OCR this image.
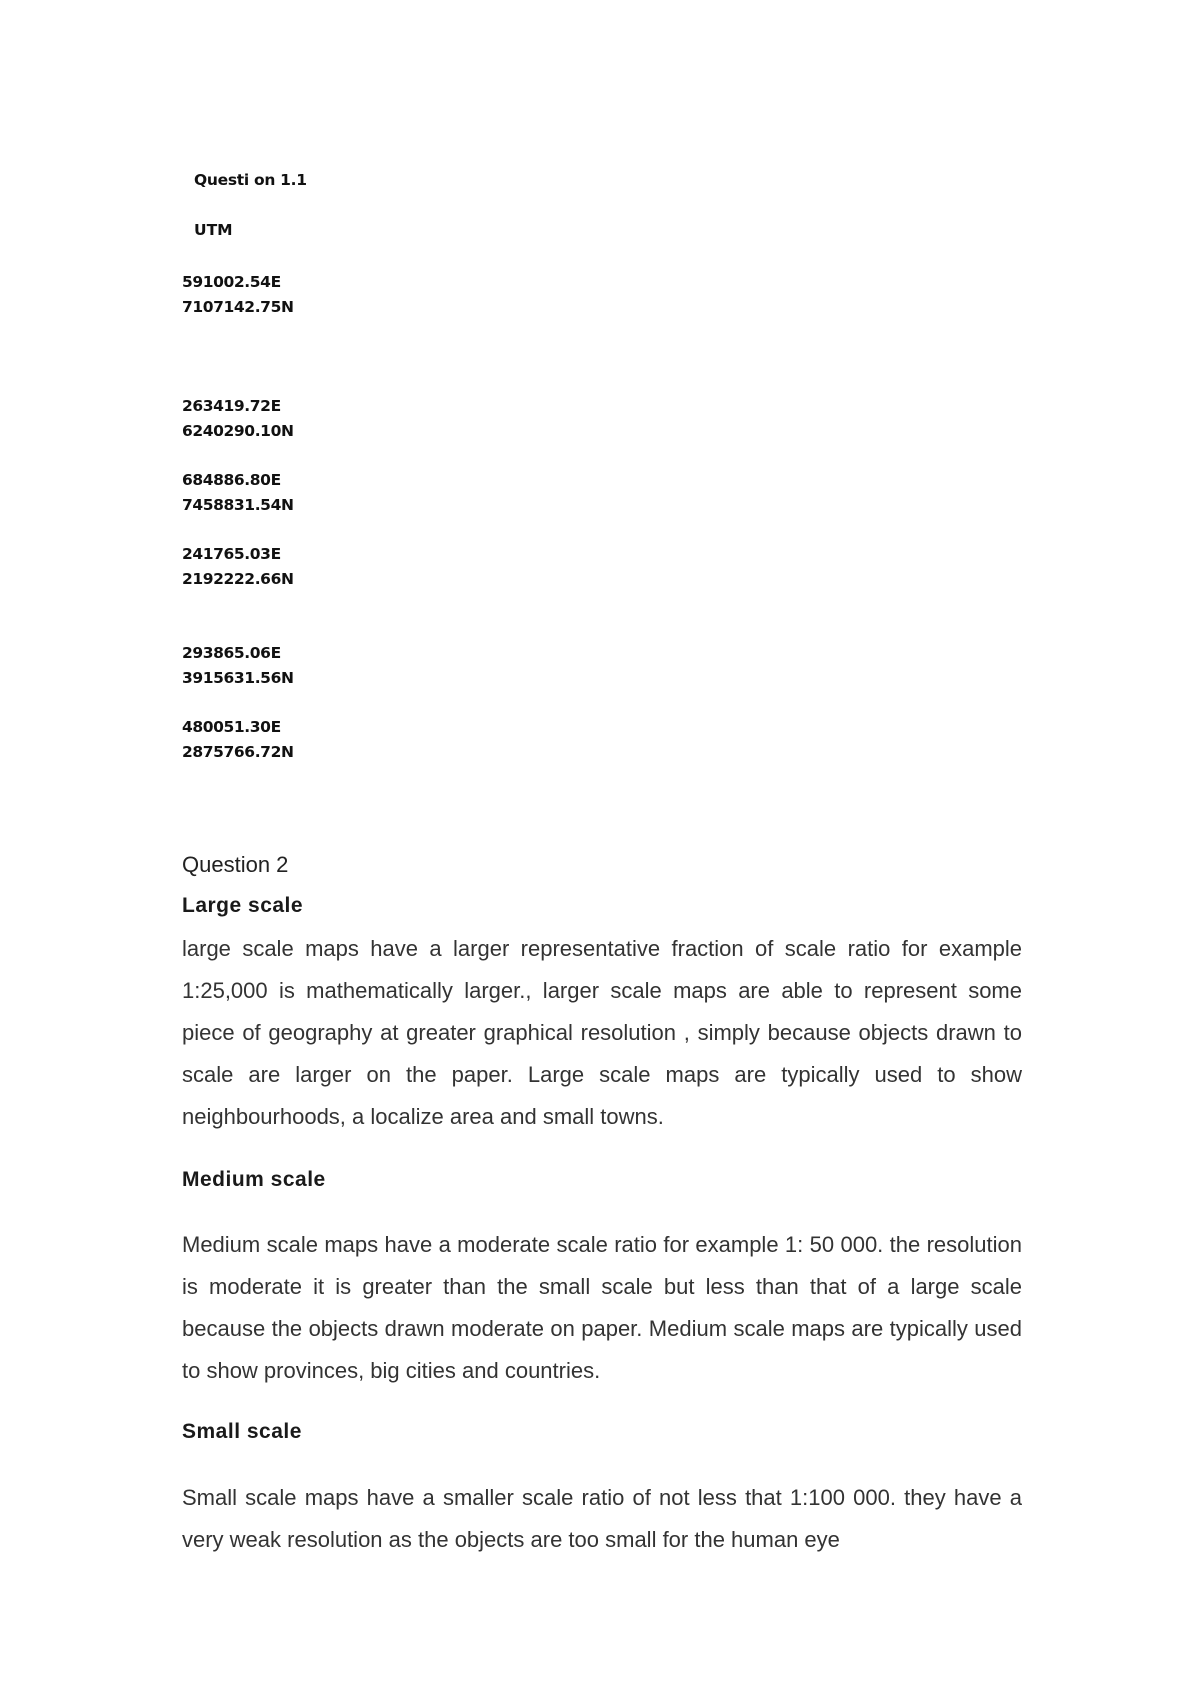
Questi on 1.1
UTM
591002.54E
7107142.75N
263419.72E
6240290.10N
684886.80E
7458831.54N
241765.03E
2192222.66N
293865.06E
3915631.56N
480051.30E
2875766.72N
Question 2
Large scale

large scale maps have a larger representative fraction of scale ratio for example 1:25,000 is mathematically larger., larger scale maps are able to represent some piece of geography at greater graphical resolution , simply because objects drawn to scale are larger on the paper. Large scale maps are typically used to show neighbourhoods, a localize area and small towns.

Medium scale

Medium scale maps have a moderate scale ratio for example 1: 50 000. the resolution is moderate it is greater than the small scale but less than that of a large scale because the objects drawn moderate on paper. Medium scale maps are typically used to show provinces, big cities and countries.

Small scale

Small scale maps have a smaller scale ratio of not less that 1:100 000. they have a very weak resolution as the objects are too small for the human eye
